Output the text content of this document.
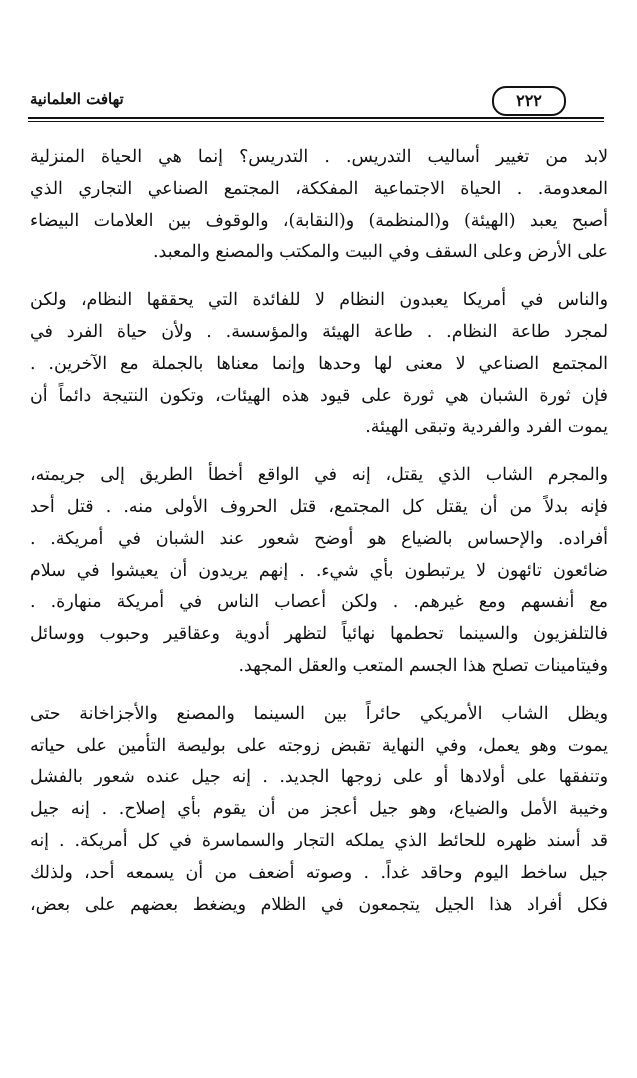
تهافت العلمانية	٢٢٢

لابد من تغيير أساليب التدريس. . التدريس؟ إنما هي الحياة المنزلية
المعدومة. . الحياة الاجتماعية المفككة، المجتمع الصناعي التجاري الذي
أصبح يعبد (الهيئة) و(المنظمة) و(النقابة)، والوقوف بين العلامات البيضاء
على الأرض وعلى السقف وفي البيت والمكتب والمصنع والمعبد.

والناس في أمريكا يعبدون النظام لا للفائدة التي يحققها النظام، ولكن
لمجرد طاعة النظام. . طاعة الهيئة والمؤسسة. . ولأن حياة الفرد في
المجتمع الصناعي لا معنى لها وحدها وإنما معناها بالجملة مع الآخرين. .
فإن ثورة الشبان هي ثورة على قيود هذه الهيئات، وتكون النتيجة دائماً أن
يموت الفرد والفردية وتبقى الهيئة.

والمجرم الشاب الذي يقتل، إنه في الواقع أخطأ الطريق إلى جريمته،
فإنه بدلاً من أن يقتل كل المجتمع، قتل الحروف الأولى منه. . قتل أحد
أفراده. والإحساس بالضياع هو أوضح شعور عند الشبان في أمريكة. .
ضائعون تائهون لا يرتبطون بأي شيء. . إنهم يريدون أن يعيشوا في سلام
مع أنفسهم ومع غيرهم. . ولكن أعصاب الناس في أمريكة منهارة. .
فالتلفزيون والسينما تحطمها نهائياً لتظهر أدوية وعقاقير وحبوب ووسائل
وفيتامينات تصلح هذا الجسم المتعب والعقل المجهد.

ويظل الشاب الأمريكي حائراً بين السينما والمصنع والأجزاخانة حتى
يموت وهو يعمل، وفي النهاية تقبض زوجته على بوليصة التأمين على حياته
وتنفقها على أولادها أو على زوجها الجديد. . إنه جيل عنده شعور بالفشل
وخيبة الأمل والضياع، وهو جيل أعجز من أن يقوم بأي إصلاح. . إنه جيل
قد أسند ظهره للحائط الذي يملكه التجار والسماسرة في كل أمريكة. . إنه
جيل ساخط اليوم وحاقد غداً. . وصوته أضعف من أن يسمعه أحد، ولذلك
فكل أفراد هذا الجيل يتجمعون في الظلام ويضغط بعضهم على بعض،
